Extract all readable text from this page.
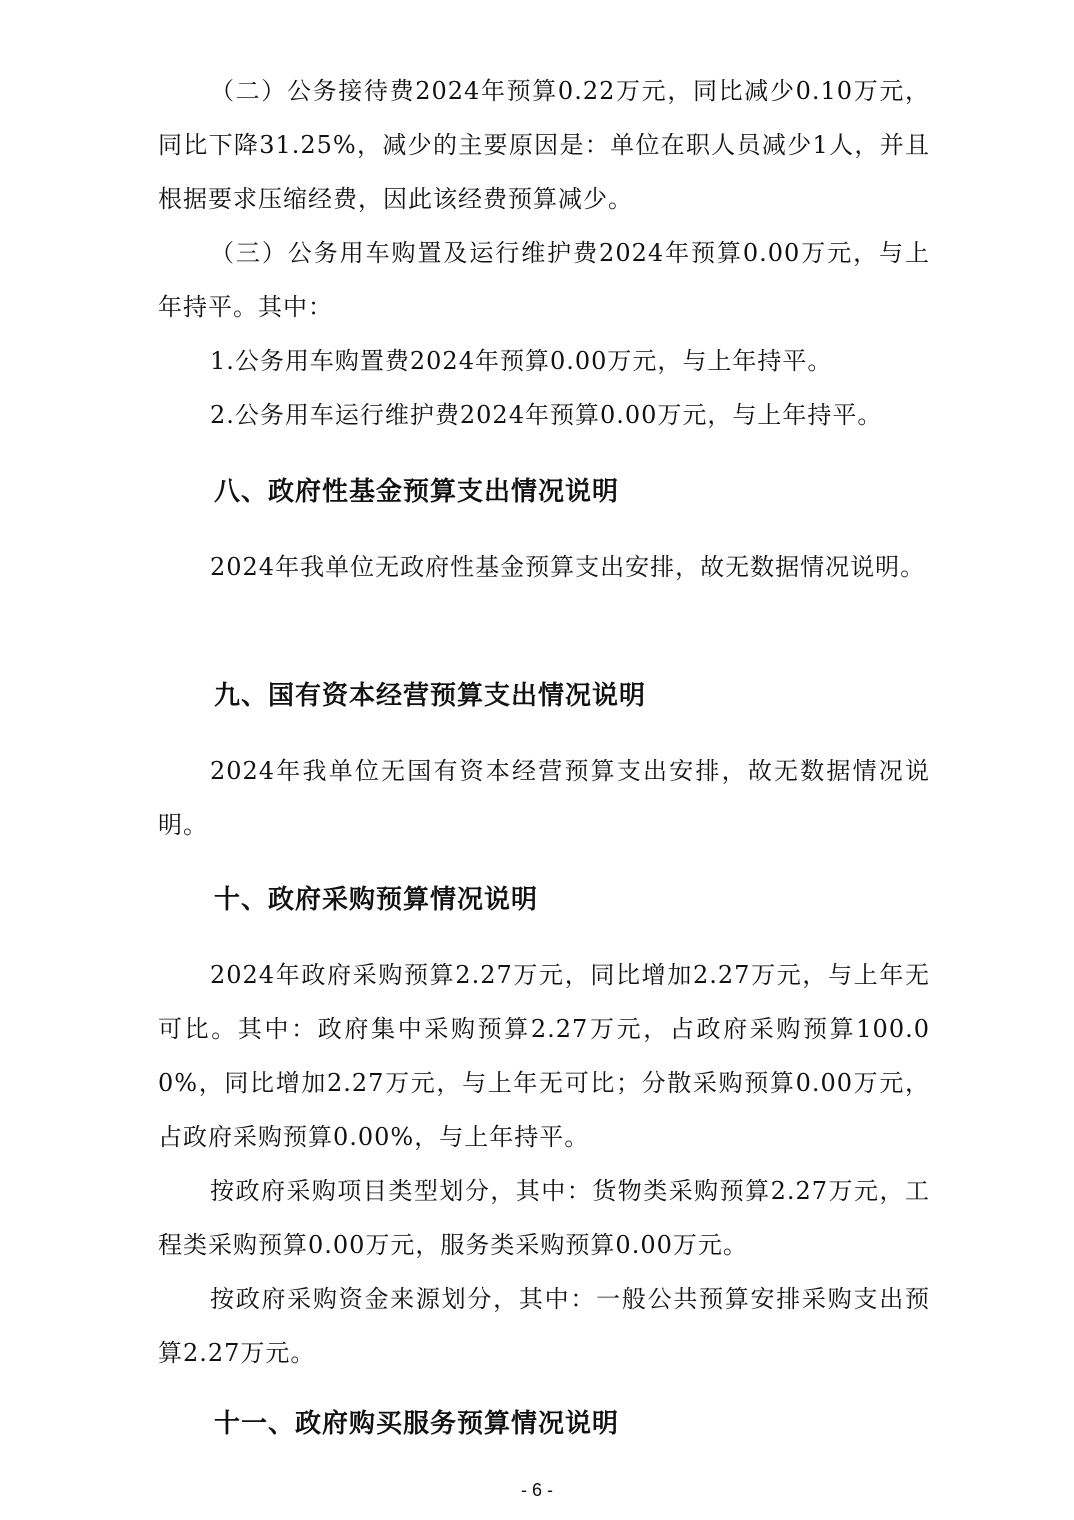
（二）公务接待费2024年预算0.22万元，同比减少0.10万元，同比下降31.25%，减少的主要原因是：单位在职人员减少1人，并且根据要求压缩经费，因此该经费预算减少。

（三）公务用车购置及运行维护费2024年预算0.00万元，与上年持平。其中：

1.公务用车购置费2024年预算0.00万元，与上年持平。

2.公务用车运行维护费2024年预算0.00万元，与上年持平。

八、政府性基金预算支出情况说明

2024年我单位无政府性基金预算支出安排，故无数据情况说明。

九、国有资本经营预算支出情况说明

2024年我单位无国有资本经营预算支出安排，故无数据情况说明。

十、政府采购预算情况说明

2024年政府采购预算2.27万元，同比增加2.27万元，与上年无可比。其中：政府集中采购预算2.27万元，占政府采购预算100.00%，同比增加2.27万元，与上年无可比；分散采购预算0.00万元，占政府采购预算0.00%，与上年持平。

按政府采购项目类型划分，其中：货物类采购预算2.27万元，工程类采购预算0.00万元，服务类采购预算0.00万元。

按政府采购资金来源划分，其中：一般公共预算安排采购支出预算2.27万元。

十一、政府购买服务预算情况说明
- 6 -
